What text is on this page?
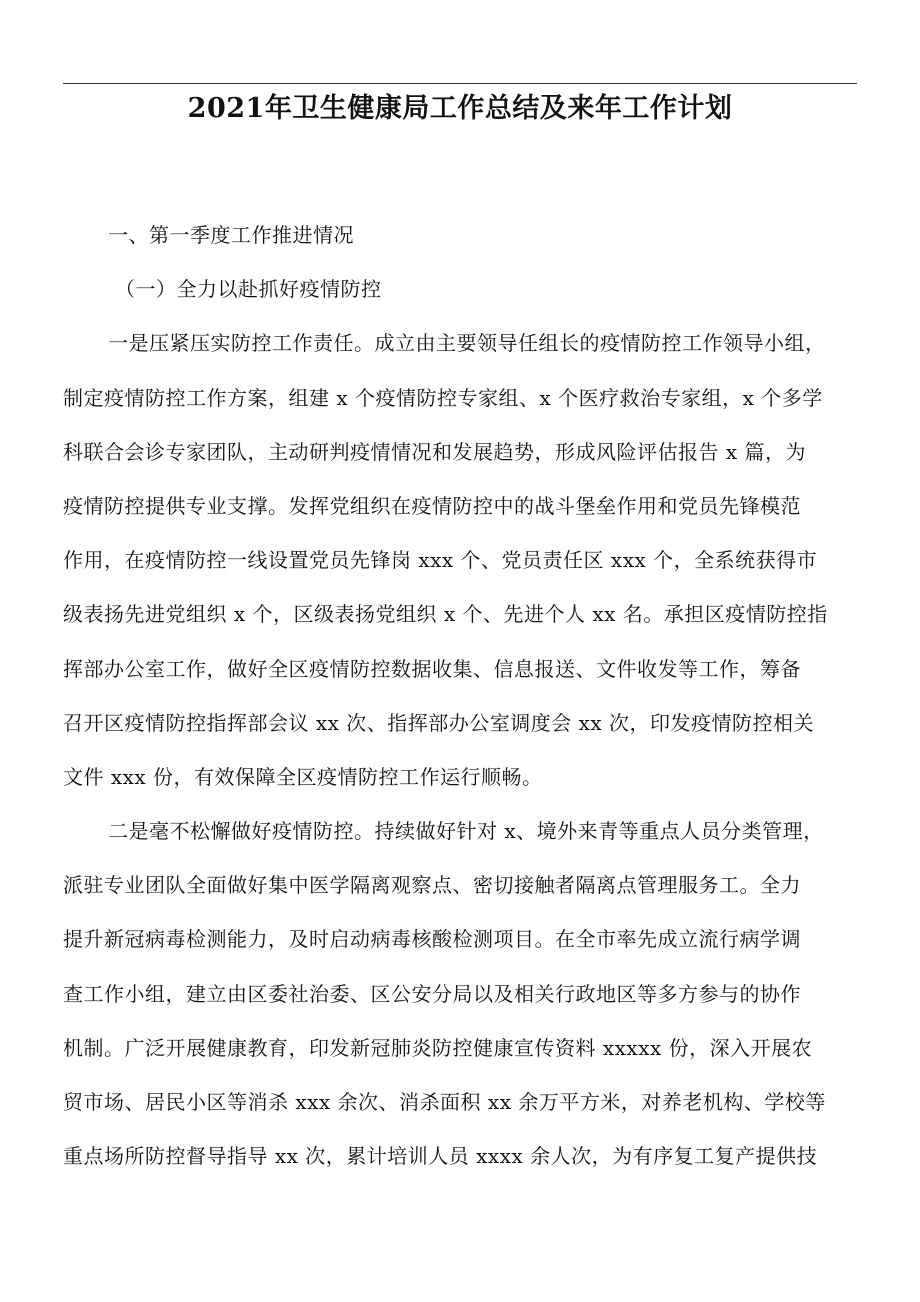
2021年卫生健康局工作总结及来年工作计划
一、第一季度工作推进情况
（一）全力以赴抓好疫情防控
一是压紧压实防控工作责任。成立由主要领导任组长的疫情防控工作领导小组，
制定疫情防控工作方案，组建 x 个疫情防控专家组、x 个医疗救治专家组，x 个多学
科联合会诊专家团队，主动研判疫情情况和发展趋势，形成风险评估报告 x 篇，为
疫情防控提供专业支撑。发挥党组织在疫情防控中的战斗堡垒作用和党员先锋模范
作用，在疫情防控一线设置党员先锋岗 xxx 个、党员责任区 xxx 个，全系统获得市
级表扬先进党组织 x 个，区级表扬党组织 x 个、先进个人 xx 名。承担区疫情防控指
挥部办公室工作，做好全区疫情防控数据收集、信息报送、文件收发等工作，筹备
召开区疫情防控指挥部会议 xx 次、指挥部办公室调度会 xx 次，印发疫情防控相关
文件 xxx 份，有效保障全区疫情防控工作运行顺畅。
二是毫不松懈做好疫情防控。持续做好针对 x、境外来青等重点人员分类管理，
派驻专业团队全面做好集中医学隔离观察点、密切接触者隔离点管理服务工。全力
提升新冠病毒检测能力，及时启动病毒核酸检测项目。在全市率先成立流行病学调
查工作小组，建立由区委社治委、区公安分局以及相关行政地区等多方参与的协作
机制。广泛开展健康教育，印发新冠肺炎防控健康宣传资料 xxxxx 份，深入开展农
贸市场、居民小区等消杀 xxx 余次、消杀面积 xx 余万平方米，对养老机构、学校等
重点场所防控督导指导 xx 次，累计培训人员 xxxx 余人次，为有序复工复产提供技
